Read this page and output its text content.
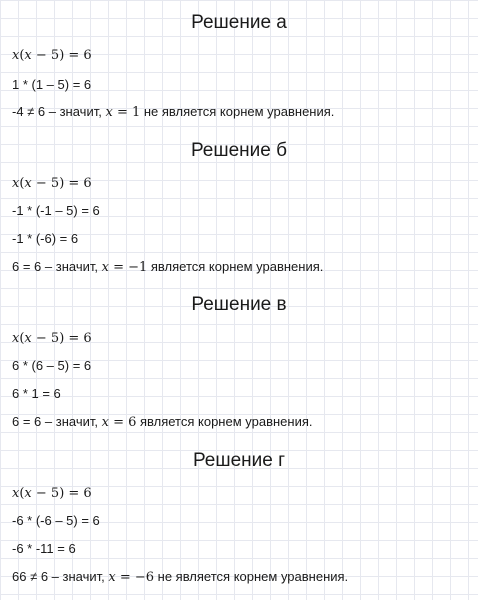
Решение а
x(x − 5) = 6
1 * (1 – 5) = 6
-4 ≠ 6 – значит, x = 1 не является корнем уравнения.
Решение б
x(x − 5) = 6
-1 * (-1 – 5) = 6
-1 * (-6) = 6
6 = 6 – значит, x = −1 является корнем уравнения.
Решение в
x(x − 5) = 6
6 * (6 – 5) = 6
6 * 1 = 6
6 = 6 – значит, x = 6 является корнем уравнения.
Решение г
x(x − 5) = 6
-6 * (-6 – 5) = 6
-6 * -11 = 6
66 ≠ 6 – значит, x = −6 не является корнем уравнения.
